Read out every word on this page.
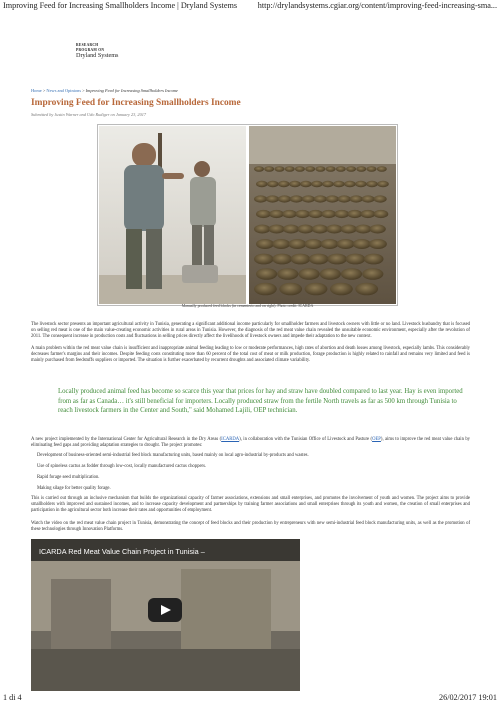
Improving Feed for Increasing Smallholders Income | Dryland Systems	http://drylandsystems.cgiar.org/content/improving-feed-increasing-sma...
RESEARCH
PROGRAM ON
Dryland Systems
Home > News and Opinions > Improving Feed for Increasing Smallholders Income
Improving Feed for Increasing Smallholders Income
Submitted by Justin Warner and Udo Rudiger on January 23, 2017
Manually produced feed blocks (in cementerio and on right). Photo credit: ICARDA

The livestock sector presents an important agricultural activity in Tunisia, generating a significant additional income particularly for smallholder farmers and livestock owners with little or no land. Livestock husbandry that is focused on selling red meat is one of the main value-creating economic activities in rural areas in Tunisia. However, the diagnosis of the red meat value chain revealed the unsuitable economic environment, especially after the revolution of 2011. The consequent increase in production costs and fluctuations in selling prices directly affect the livelihoods of livestock owners and impede their adaptation to the new context.

A main problem within the red meat value chain is insufficient and inappropriate animal feeding leading to low or moderate performances, high rates of abortion and death losses among livestock, especially lambs. This considerably decreases farmer's margins and their incomes. Despite feeding costs constituting more than 60 percent of the total cost of meat or milk production, forage production is highly related to rainfall and remains very limited and feed is mainly purchased from feedstuffs suppliers or imported. The situation is further exacerbated by recurrent droughts and associated climate variability.

Locally produced animal feed has become so scarce this year that prices for hay and straw have doubled compared to last year. Hay is even imported from as far as Canada… it's still beneficial for importers. Locally produced straw from the fertile North travels as far as 500 km through Tunisia to reach livestock farmers in the Center and South," said Mohamed Lajili, OEP technician.

A new project implemented by the International Center for Agricultural Research in the Dry Areas (ICARDA), in collaboration with the Tunisian Office of Livestock and Pasture (OEP), aims to improve the red meat value chain by eliminating feed gaps and providing adaptation strategies to drought. The project promotes:

Development of business-oriented semi-industrial feed block manufacturing units, based mainly on local agro-industrial by-products and wastes.
Use of spineless cactus as fodder through low-cost, locally manufactured cactus choppers.
Rapid forage seed multiplication.
Making silage for better quality forage.

This is carried out through an inclusive mechanism that builds the organizational capacity of farmer associations, extensions and small enterprises, and promotes the involvement of youth and women. The project aims to provide smallholders with improved and sustained incomes, and to increase capacity development and partnerships by training farmer associations and small enterprises through its youth and women, the creation of small enterprises and participation in the agricultural sector both increase their rates and opportunities of employment.

Watch the video on the red meat value chain project in Tunisia, demonstrating the concept of feed blocks and their production by entrepreneurs with new semi-industrial feed block manufacturing units, as well as the promotion of these technologies through Innovation Platforms.

ICARDA Red Meat Value Chain Project in Tunisia –
1 di 4	26/02/2017 19:01
